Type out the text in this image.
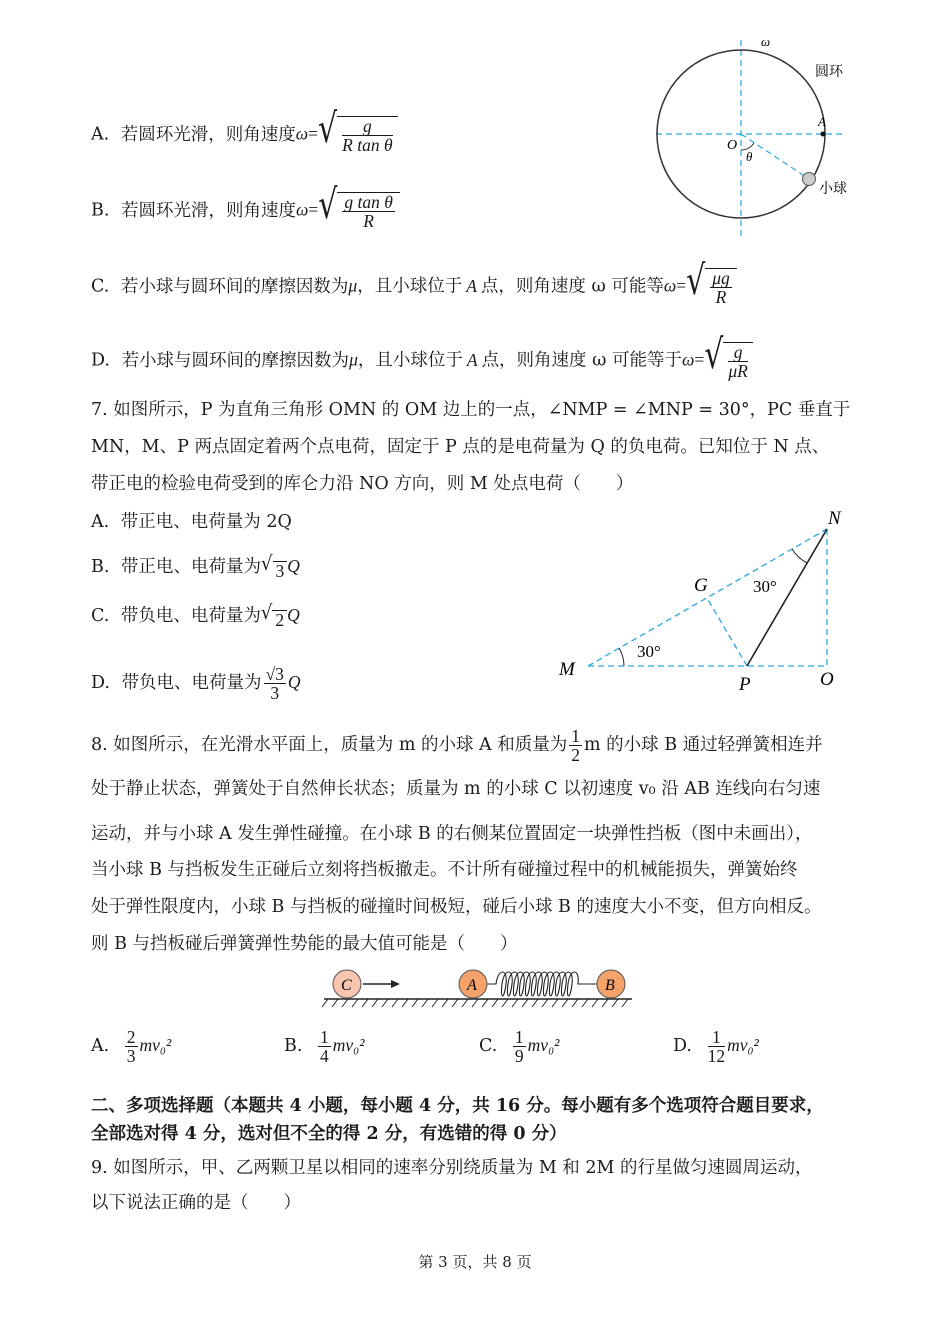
A. 若圆环光滑，则角速度ω= √ $\frac{g}{\text{R tan θ}}$
B. 若圆环光滑，则角速度ω= √ $\frac{\text{g tan θ}}{R}$
C. 若小球与圆环间的摩擦因数为μ，且小球位于 A 点，则角速度 ω 可能等ω= √ $\frac{\mu g}{R}$
D. 若小球与圆环间的摩擦因数为μ，且小球位于 A 点，则角速度 ω 可能等于ω= √ $\frac{g}{\mu R}$
ω
圆环
A
O
θ
小球
7. 如图所示，P 为直角三角形 OMN 的 OM 边上的一点，∠NMP = ∠MNP = 30°，PC 垂直于
MN，M、P 两点固定着两个点电荷，固定于 P 点的是电荷量为 Q 的负电荷。已知位于 N 点、
带正电的检验电荷受到的库仑力沿 NO 方向，则 M 处点电荷（　　）
A. 带正电、电荷量为 2Q
B. 带正电、电荷量为 √ 3 Q
C. 带负电、电荷量为 √ 2 Q
D. 带负电、电荷量为 $\frac{√3}{3}$ Q
N
G	30°
30°
M
P	O
8. 如图所示，在光滑水平面上，质量为 m 的小球 A 和质量为 $\frac{1}{2}$ m 的小球 B 通过轻弹簧相连并
处于静止状态，弹簧处于自然伸长状态；质量为 m 的小球 C 以初速度 v₀ 沿 AB 连线向右匀速
运动，并与小球 A 发生弹性碰撞。在小球 B 的右侧某位置固定一块弹性挡板（图中未画出），
当小球 B 与挡板发生正碰后立刻将挡板撤走。不计所有碰撞过程中的机械能损失，弹簧始终
处于弹性限度内，小球 B 与挡板的碰撞时间极短，碰后小球 B 的速度大小不变，但方向相反。
则 B 与挡板碰后弹簧弹性势能的最大值可能是（　　）
C	A	B
A. $\frac{2}{3} mv_0^2$	B. $\frac{1}{4} mv_0^2$	C. $\frac{1}{9} mv_0^2$	D. $\frac{1}{12} mv_0^2$
二、多项选择题（本题共 4 小题，每小题 4 分，共 16 分。每小题有多个选项符合题目要求，
全部选对得 4 分，选对但不全的得 2 分，有选错的得 0 分）
9. 如图所示，甲、乙两颗卫星以相同的速率分别绕质量为 M 和 2M 的行星做匀速圆周运动，
以下说法正确的是（　　）
第 3 页，共 8 页
